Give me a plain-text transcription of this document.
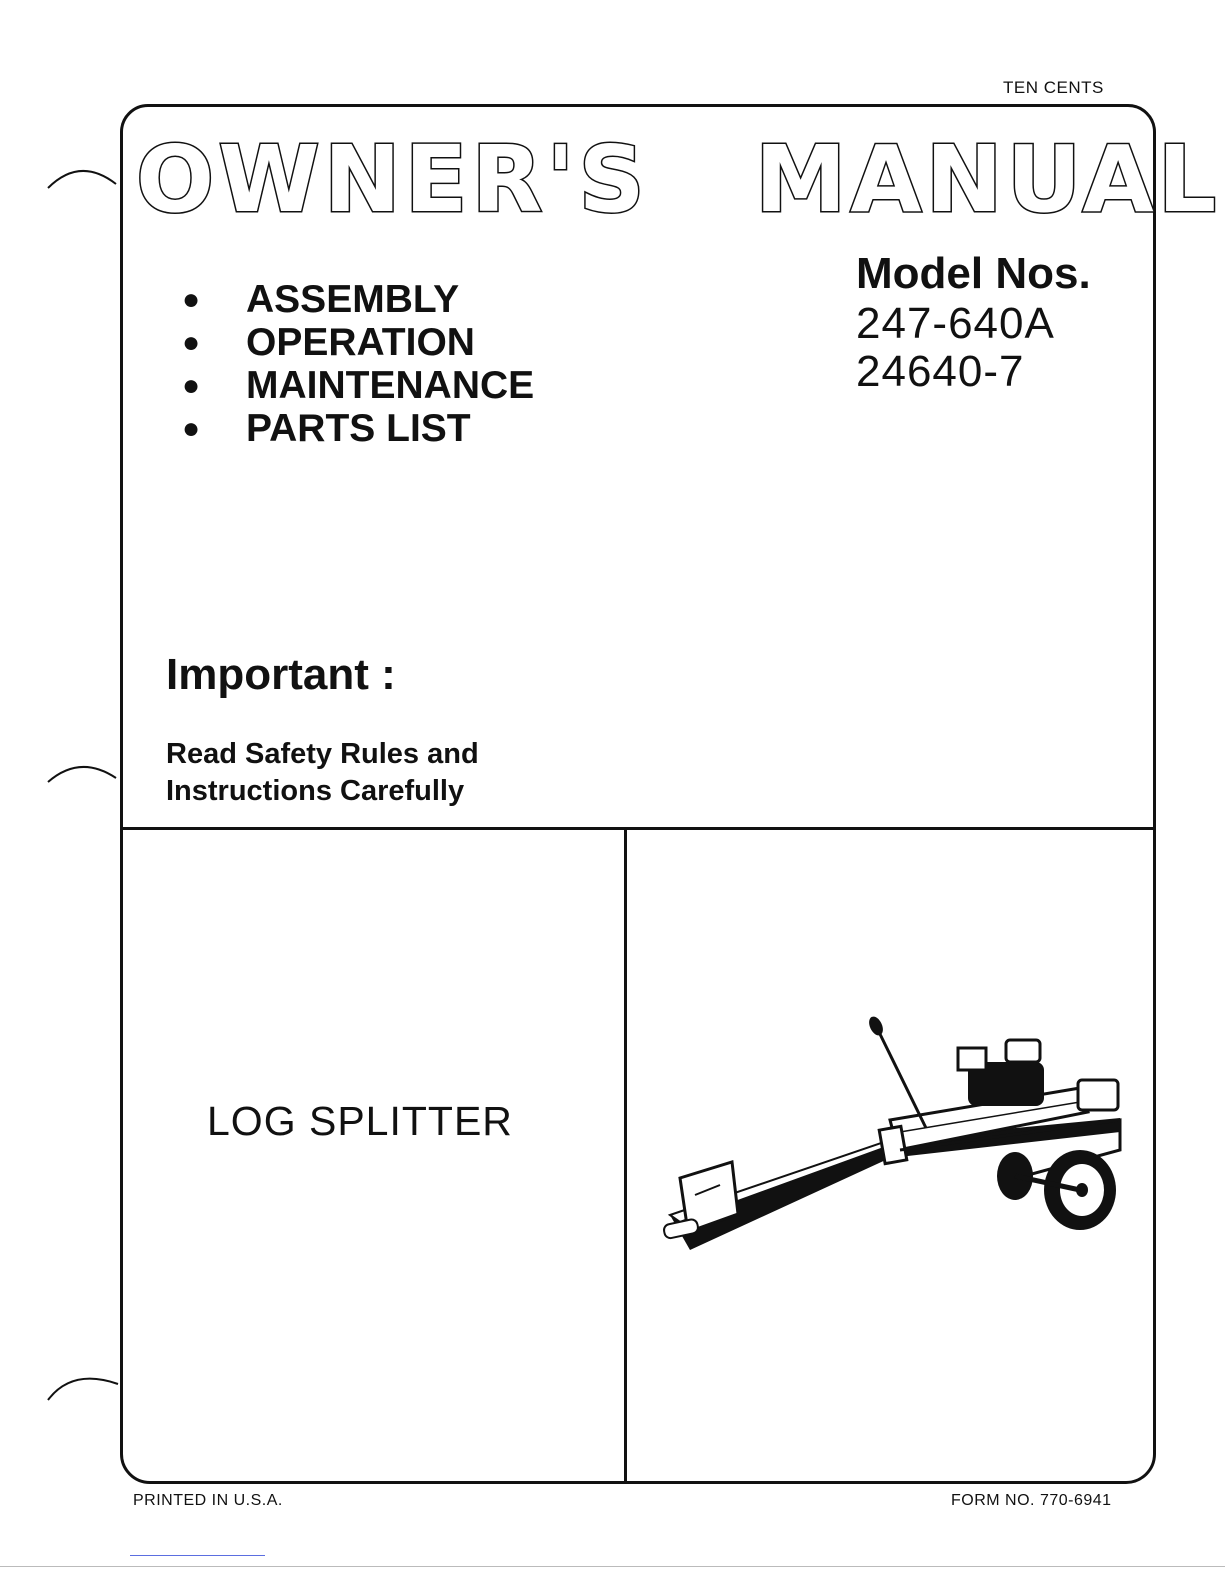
TEN CENTS
OWNER'S MANUAL
● ASSEMBLY
● OPERATION
● MAINTENANCE
● PARTS LIST
Model Nos.
247-640A
24640-7
Important :
Read Safety Rules and
Instructions Carefully
LOG SPLITTER
PRINTED IN U.S.A.	FORM NO. 770-6941
